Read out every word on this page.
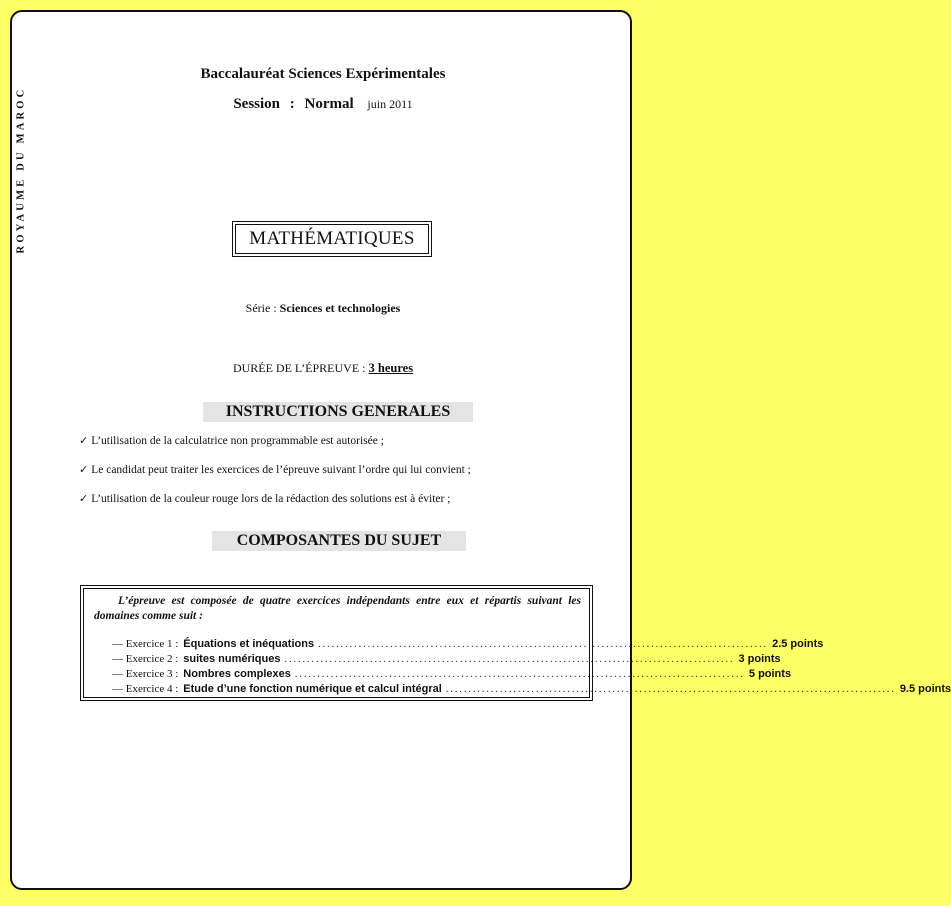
ROYAUME DU MAROC
Baccalauréat Sciences Expérimentales
Session : Normal juin 2011
MATHÉMATIQUES
Série : Sciences et technologies
DURÉE DE L’ÉPREUVE : 3 heures
INSTRUCTIONS GENERALES
✓ L’utilisation de la calculatrice non programmable est autorisée ;
✓ Le candidat peut traiter les exercices de l’épreuve suivant l’ordre qui lui convient ;
✓ L’utilisation de la couleur rouge lors de la rédaction des solutions est à éviter ;
COMPOSANTES DU SUJET
L’épreuve est composée de quatre exercices indépendants entre eux et répartis suivant les domaines comme suit :
— Exercice 1 : Équations et inéquations .................................................................................................... 2.5 points
— Exercice 2 : suites numériques .................................................................................................... 3 points
— Exercice 3 : Nombres complexes .................................................................................................... 5 points
— Exercice 4 : Etude d’une fonction numérique et calcul intégral .................................................................................................... 9.5 points
